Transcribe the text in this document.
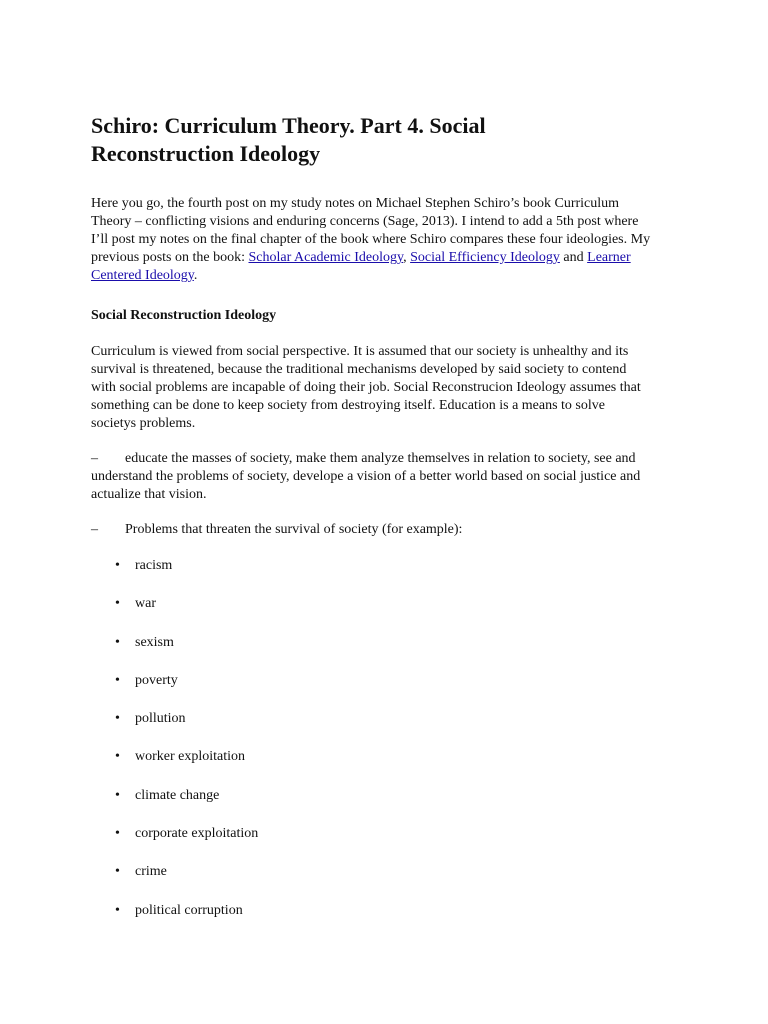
Schiro: Curriculum Theory. Part 4. Social
Reconstruction Ideology

Here you go, the fourth post on my study notes on Michael Stephen Schiro’s book Curriculum Theory – conflicting visions and enduring concerns (Sage, 2013). I intend to add a 5th post where I’ll post my notes on the final chapter of the book where Schiro compares these four ideologies. My previous posts on the book: Scholar Academic Ideology, Social Efficiency Ideology and Learner Centered Ideology.

Social Reconstruction Ideology

Curriculum is viewed from social perspective. It is assumed that our society is unhealthy and its survival is threatened, because the traditional mechanisms developed by said society to contend with social problems are incapable of doing their job. Social Reconstrucion Ideology assumes that something can be done to keep society from destroying itself. Education is a means to solve societys problems.

– educate the masses of society, make them analyze themselves in relation to society, see and understand the problems of society, develope a vision of a better world based on social justice and actualize that vision.

– Problems that threaten the survival of society (for example):

• racism
• war
• sexism
• poverty
• pollution
• worker exploitation
• climate change
• corporate exploitation
• crime
• political corruption
